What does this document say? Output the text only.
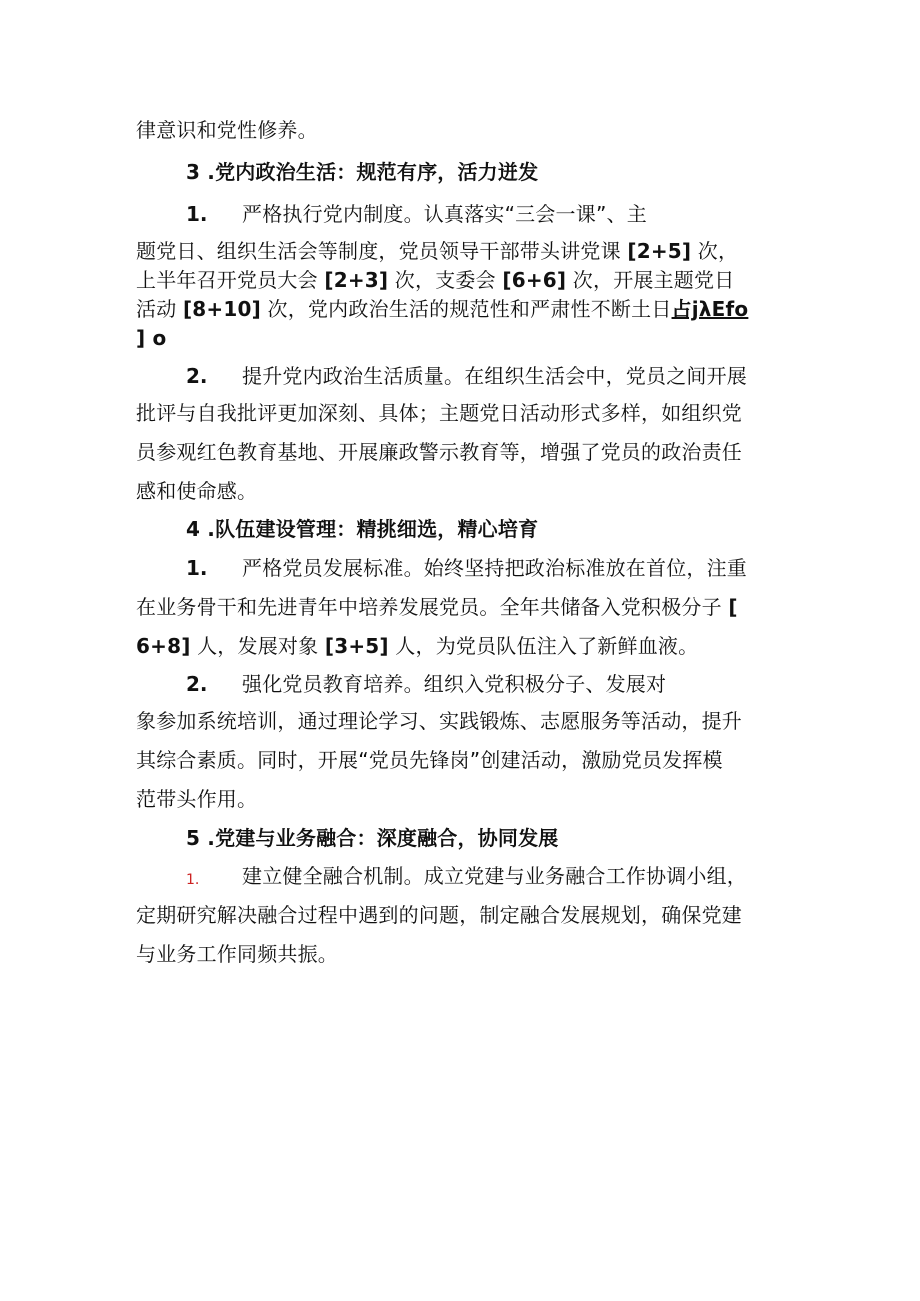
律意识和党性修养。
3 .党内政治生活：规范有序，活力迸发
1. 严格执行党内制度。认真落实“三会一课”、主
题党日、组织生活会等制度，党员领导干部带头讲党课 [2+5] 次，
上半年召开党员大会 [2+3] 次，支委会 [6+6] 次，开展主题党日
活动 [8+10] 次，党内政治生活的规范性和严肃性不断土日占jλEfo
] o
2. 提升党内政治生活质量。在组织生活会中，党员之间开展
批评与自我批评更加深刻、具体；主题党日活动形式多样，如组织党
员参观红色教育基地、开展廉政警示教育等，增强了党员的政治责任
感和使命感。
4 .队伍建设管理：精挑细选，精心培育
1. 严格党员发展标准。始终坚持把政治标准放在首位，注重
在业务骨干和先进青年中培养发展党员。全年共储备入党积极分子 [
6+8] 人，发展对象 [3+5] 人，为党员队伍注入了新鲜血液。
2. 强化党员教育培养。组织入党积极分子、发展对
象参加系统培训，通过理论学习、实践锻炼、志愿服务等活动，提升
其综合素质。同时，开展“党员先锋岗”创建活动，激励党员发挥模
范带头作用。
5 .党建与业务融合：深度融合，协同发展
1. 建立健全融合机制。成立党建与业务融合工作协调小组，
定期研究解决融合过程中遇到的问题，制定融合发展规划，确保党建
与业务工作同频共振。
